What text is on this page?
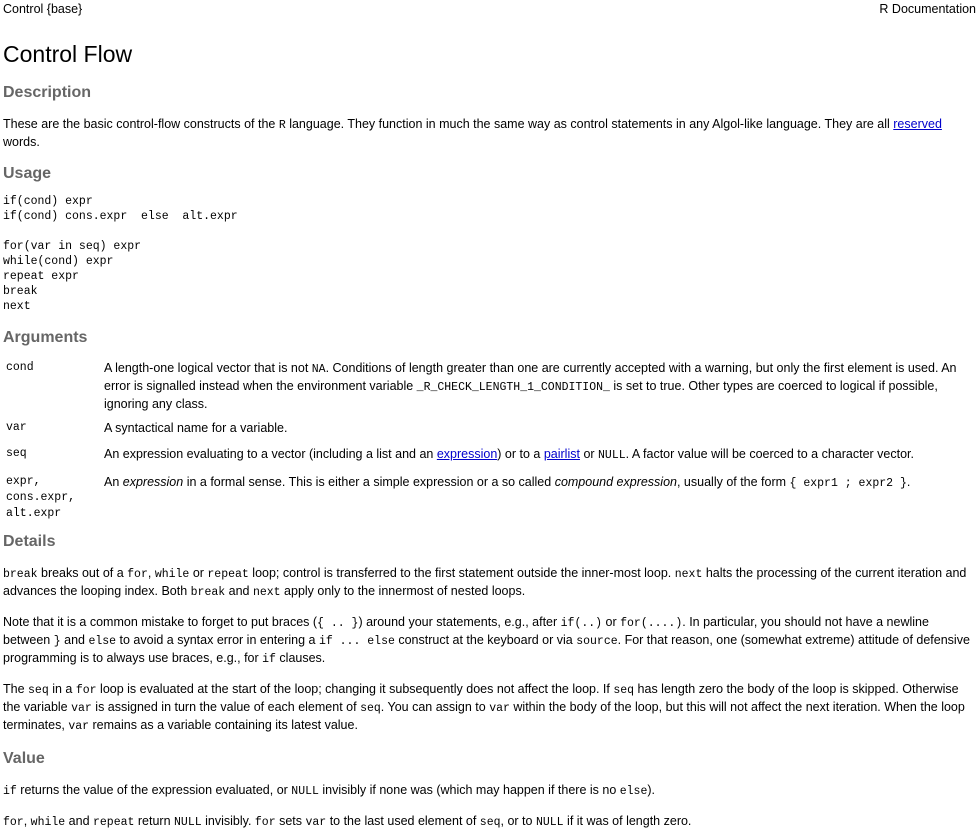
Control {base}	R Documentation
Control Flow
Description

These are the basic control-flow constructs of the R language. They function in much the same way as control statements in any Algol-like language. They are all reserved words.

Usage
if(cond) expr
if(cond) cons.expr  else  alt.expr

for(var in seq) expr
while(cond) expr
repeat expr
break
next
Arguments
cond	A length-one logical vector that is not NA. Conditions of length greater than one are currently accepted with a warning, but only the first element is used. An error is signalled instead when the environment variable _R_CHECK_LENGTH_1_CONDITION_ is set to true. Other types are coerced to logical if possible, ignoring any class.
var	A syntactical name for a variable.
seq	An expression evaluating to a vector (including a list and an expression) or to a pairlist or NULL. A factor value will be coerced to a character vector.
expr,
cons.expr,
alt.expr	An expression in a formal sense. This is either a simple expression or a so called compound expression, usually of the form { expr1 ; expr2 }.
Details

break breaks out of a for, while or repeat loop; control is transferred to the first statement outside the inner-most loop. next halts the processing of the current iteration and advances the looping index. Both break and next apply only to the innermost of nested loops.

Note that it is a common mistake to forget to put braces ({ .. }) around your statements, e.g., after if(..) or for(....). In particular, you should not have a newline between } and else to avoid a syntax error in entering a if ... else construct at the keyboard or via source. For that reason, one (somewhat extreme) attitude of defensive programming is to always use braces, e.g., for if clauses.

The seq in a for loop is evaluated at the start of the loop; changing it subsequently does not affect the loop. If seq has length zero the body of the loop is skipped. Otherwise the variable var is assigned in turn the value of each element of seq. You can assign to var within the body of the loop, but this will not affect the next iteration. When the loop terminates, var remains as a variable containing its latest value.

Value

if returns the value of the expression evaluated, or NULL invisibly if none was (which may happen if there is no else).

for, while and repeat return NULL invisibly. for sets var to the last used element of seq, or to NULL if it was of length zero.
